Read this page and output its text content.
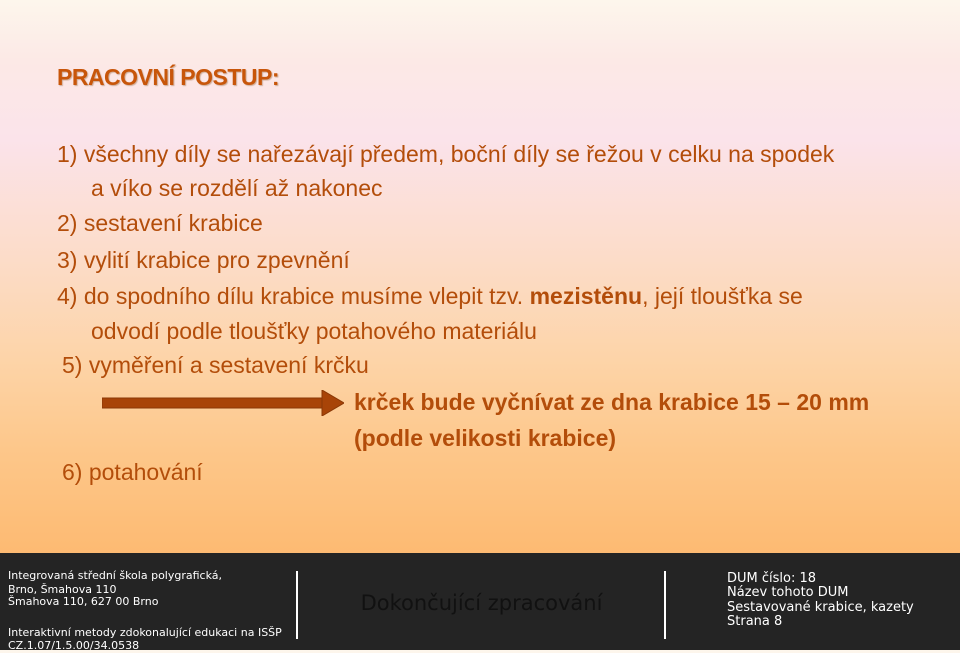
PRACOVNÍ POSTUP:
1) všechny díly se nařezávají předem, boční díly se řežou v celku na spodek
a víko se rozdělí až nakonec
2) sestavení krabice
3) vylití krabice pro zpevnění
4) do spodního dílu krabice musíme vlepit tzv. mezistěnu, její tloušťka se
odvodí podle tloušťky potahového materiálu
5) vyměření a sestavení krčku
krček bude vyčnívat ze dna krabice 15 – 20 mm
(podle velikosti krabice)
6) potahování
Integrovaná střední škola polygrafická,
Brno, Šmahova 110
Šmahova 110, 627 00 Brno
Interaktivní metody zdokonalující edukaci na ISŠP
CZ.1.07/1.5.00/34.0538
Dokončující zpracování
DUM číslo: 18
Název tohoto DUM
Sestavované krabice, kazety
Strana 8
